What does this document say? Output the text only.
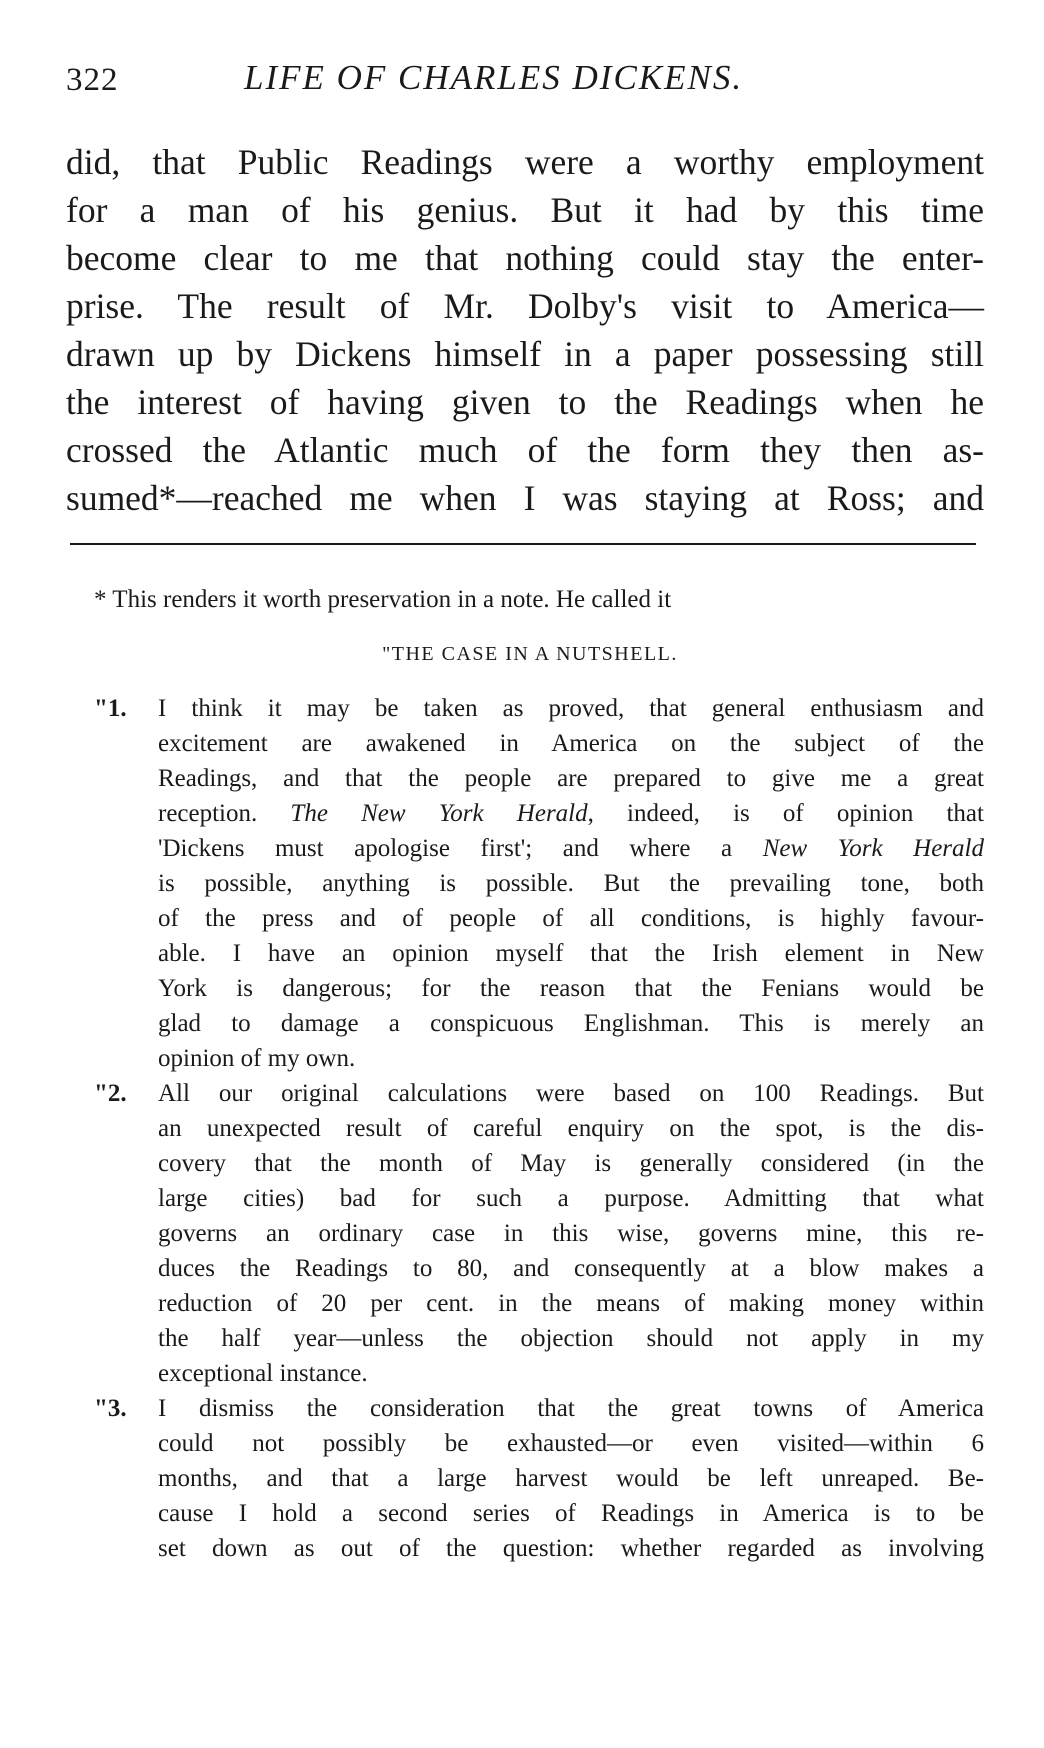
322	LIFE OF CHARLES DICKENS.
did, that Public Readings were a worthy employment
for a man of his genius. But it had by this time
become clear to me that nothing could stay the enter-
prise. The result of Mr. Dolby's visit to America—
drawn up by Dickens himself in a paper possessing still
the interest of having given to the Readings when he
crossed the Atlantic much of the form they then as-
sumed*—reached me when I was staying at Ross; and
* This renders it worth preservation in a note. He called it
"THE CASE IN A NUTSHELL.
"1. I think it may be taken as proved, that general enthusiasm and
excitement are awakened in America on the subject of the
Readings, and that the people are prepared to give me a great
reception. The New York Herald, indeed, is of opinion that
'Dickens must apologise first'; and where a New York Herald
is possible, anything is possible. But the prevailing tone, both
of the press and of people of all conditions, is highly favour-
able. I have an opinion myself that the Irish element in New
York is dangerous; for the reason that the Fenians would be
glad to damage a conspicuous Englishman. This is merely an
opinion of my own.
"2. All our original calculations were based on 100 Readings. But
an unexpected result of careful enquiry on the spot, is the dis-
covery that the month of May is generally considered (in the
large cities) bad for such a purpose. Admitting that what
governs an ordinary case in this wise, governs mine, this re-
duces the Readings to 80, and consequently at a blow makes a
reduction of 20 per cent. in the means of making money within
the half year—unless the objection should not apply in my
exceptional instance.
"3. I dismiss the consideration that the great towns of America
could not possibly be exhausted—or even visited—within 6
months, and that a large harvest would be left unreaped. Be-
cause I hold a second series of Readings in America is to be
set down as out of the question: whether regarded as involving
